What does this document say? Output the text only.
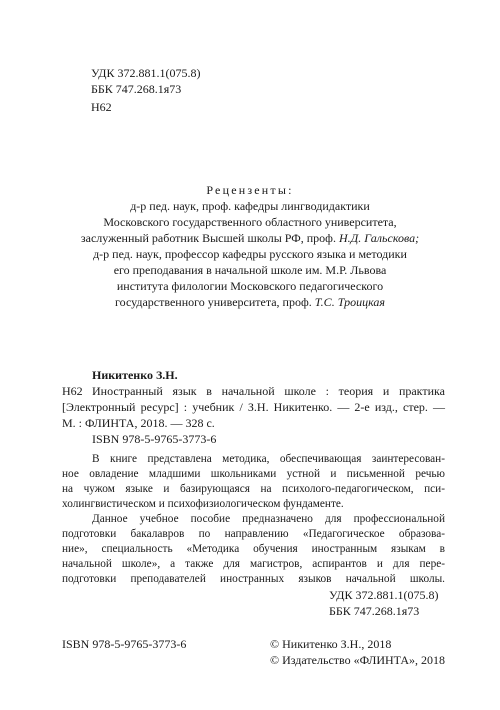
УДК 372.881.1(075.8)
ББК 747.268.1я73
Н62
Рецензенты:
д-р пед. наук, проф. кафедры лингводидактики
Московского государственного областного университета,
заслуженный работник Высшей школы РФ, проф. Н.Д. Гальскова;
д-р пед. наук, профессор кафедры русского языка и методики
его преподавания в начальной школе им. М.Р. Львова
института филологии Московского педагогического
государственного университета, проф. Т.С. Троицкая
Никитенко З.Н.
Н62 Иностранный язык в начальной школе : теория и практика
[Электронный ресурс] : учебник / З.Н. Никитенко. — 2-е изд., стер. —
М. : ФЛИНТА, 2018. — 328 с.
ISBN 978-5-9765-3773-6
В книге представлена методика, обеспечивающая заинтересован-
ное овладение младшими школьниками устной и письменной речью
на чужом языке и базирующаяся на психолого-педагогическом, пси-
холингвистическом и психофизиологическом фундаменте.
Данное учебное пособие предназначено для профессиональной
подготовки бакалавров по направлению «Педагогическое образова-
ние», специальность «Методика обучения иностранным языкам в
начальной школе», а также для магистров, аспирантов и для пере-
подготовки преподавателей иностранных языков начальной школы.
УДК 372.881.1(075.8)
ББК 747.268.1я73
ISBN 978-5-9765-3773-6	© Никитенко З.Н., 2018
© Издательство «ФЛИНТА», 2018
